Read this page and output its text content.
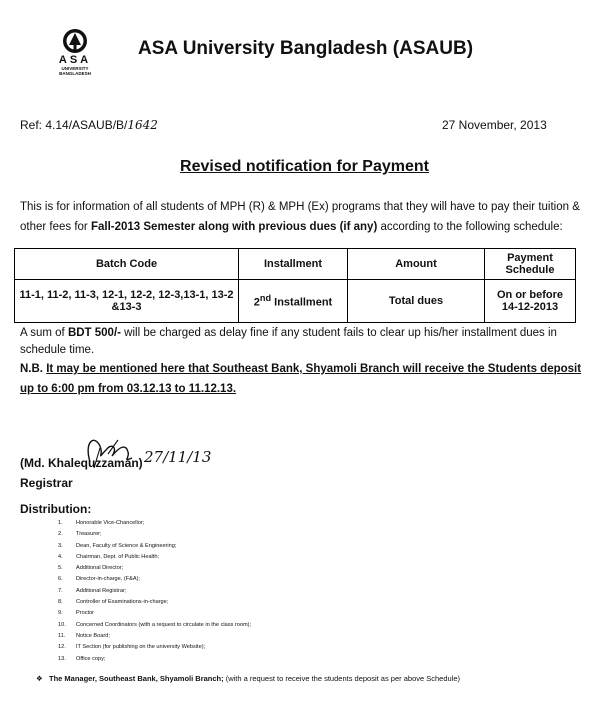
ASA
UNIVERSITY
BANGLADESH
ASA University Bangladesh (ASAUB)
Ref: 4.14/ASAUB/B/1642	27 November, 2013
Revised notification for Payment
This is for information of all students of MPH (R) & MPH (Ex) programs that they will have to pay their tuition & other fees for Fall-2013 Semester along with previous dues (if any) according to the following schedule:
Batch Code	Installment	Amount	Payment Schedule
11-1, 11-2, 11-3, 12-1, 12-2, 12-3,13-1, 13-2 &13-3	2nd Installment	Total dues	On or before
14-12-2013
A sum of BDT 500/- will be charged as delay fine if any student fails to clear up his/her installment dues in schedule time.
N.B. It may be mentioned here that Southeast Bank, Shyamoli Branch will receive the Students deposit up to 6:00 pm from 03.12.13 to 11.12.13.
27/11/13
(Md. Khalequzzaman)
Registrar
Distribution:
1. Honorable Vice-Chancellor;
2. Treasurer;
3. Dean, Faculty of Science & Engineering;
4. Chairman, Dept. of Public Health;
5. Additional Director;
6. Director-in-charge, (F&A);
7. Additional Registrar;
8. Controller of Examinations-in-charge;
9. Proctor
10. Concerned Coordinators (with a request to circulate in the class room);
11. Notice Board;
12. IT Section (for publishing on the university Website);
13. Office copy;
❖ The Manager, Southeast Bank, Shyamoli Branch; (with a request to receive the students deposit as per above Schedule)
